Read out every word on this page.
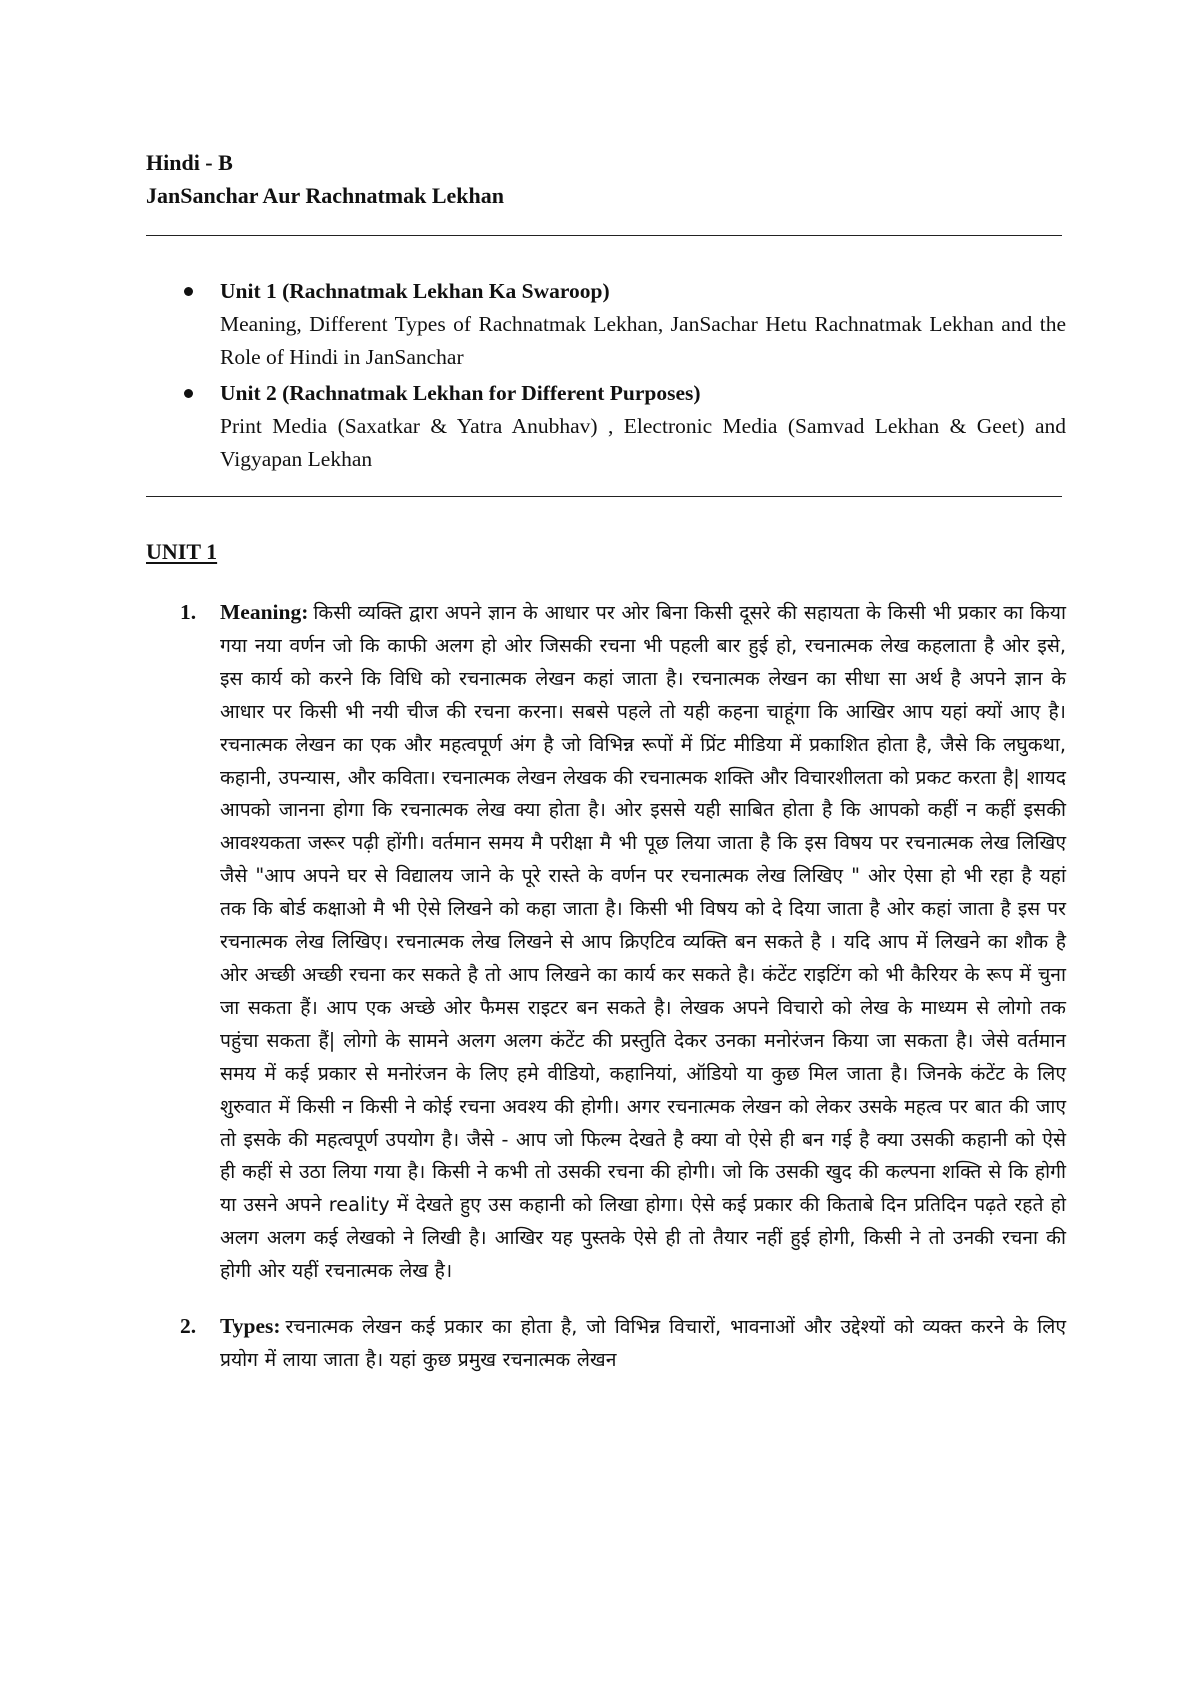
Hindi - B

JanSanchar Aur Rachnatmak Lekhan

Unit 1 (Rachnatmak Lekhan Ka Swaroop)
Meaning, Different Types of Rachnatmak Lekhan, JanSachar Hetu Rachnatmak Lekhan and the Role of Hindi in JanSanchar
Unit 2 (Rachnatmak Lekhan for Different Purposes)
Print Media (Saxatkar & Yatra Anubhav) , Electronic Media (Samvad Lekhan & Geet) and Vigyapan Lekhan
UNIT 1
1. Meaning: किसी व्यक्ति द्वारा अपने ज्ञान के आधार पर ओर बिना किसी दूसरे की सहायता के किसी भी प्रकार का किया गया नया वर्णन जो कि काफी अलग हो ओर जिसकी रचना भी पहली बार हुई हो, रचनात्मक लेख कहलाता है ओर इसे, इस कार्य को करने कि विधि को रचनात्मक लेखन कहां जाता है। रचनात्मक लेखन का सीधा सा अर्थ है अपने ज्ञान के आधार पर किसी भी नयी चीज की रचना करना। सबसे पहले तो यही कहना चाहूंगा कि आखिर आप यहां क्यों आए है। रचनात्मक लेखन का एक और महत्वपूर्ण अंग है जो विभिन्न रूपों में प्रिंट मीडिया में प्रकाशित होता है, जैसे कि लघुकथा, कहानी, उपन्यास, और कविता। रचनात्मक लेखन लेखक की रचनात्मक शक्ति और विचारशीलता को प्रकट करता है| शायद आपको जानना होगा कि रचनात्मक लेख क्या होता है। ओर इससे यही साबित होता है कि आपको कहीं न कहीं इसकी आवश्यकता जरूर पढ़ी होंगी। वर्तमान समय मै परीक्षा मै भी पूछ लिया जाता है कि इस विषय पर रचनात्मक लेख लिखिए जैसे "आप अपने घर से विद्यालय जाने के पूरे रास्ते के वर्णन पर रचनात्मक लेख लिखिए " ओर ऐसा हो भी रहा है यहां तक कि बोर्ड कक्षाओ मै भी ऐसे लिखने को कहा जाता है। किसी भी विषय को दे दिया जाता है ओर कहां जाता है इस पर रचनात्मक लेख लिखिए। रचनात्मक लेख लिखने से आप क्रिएटिव व्यक्ति बन सकते है । यदि आप में लिखने का शौक है ओर अच्छी अच्छी रचना कर सकते है तो आप लिखने का कार्य कर सकते है। कंटेंट राइटिंग को भी कैरियर के रूप में चुना जा सकता हैं। आप एक अच्छे ओर फैमस राइटर बन सकते है। लेखक अपने विचारो को लेख के माध्यम से लोगो तक पहुंचा सकता हैं| लोगो के सामने अलग अलग कंटेंट की प्रस्तुति देकर उनका मनोरंजन किया जा सकता है। जेसे वर्तमान समय में कई प्रकार से मनोरंजन के लिए हमे वीडियो, कहानियां, ऑडियो या कुछ मिल जाता है। जिनके कंटेंट के लिए शुरुवात में किसी न किसी ने कोई रचना अवश्य की होगी। अगर रचनात्मक लेखन को लेकर उसके महत्व पर बात की जाए तो इसके की महत्वपूर्ण उपयोग है। जैसे - आप जो फिल्म देखते है क्या वो ऐसे ही बन गई है क्या उसकी कहानी को ऐसे ही कहीं से उठा लिया गया है। किसी ने कभी तो उसकी रचना की होगी। जो कि उसकी खुद की कल्पना शक्ति से कि होगी या उसने अपने reality में देखते हुए उस कहानी को लिखा होगा। ऐसे कई प्रकार की किताबे दिन प्रतिदिन पढ़ते रहते हो अलग अलग कई लेखको ने लिखी है। आखिर यह पुस्तके ऐसे ही तो तैयार नहीं हुई होगी, किसी ने तो उनकी रचना की होगी ओर यहीं रचनात्मक लेख है।

2. Types: रचनात्मक लेखन कई प्रकार का होता है, जो विभिन्न विचारों, भावनाओं और उद्देश्यों को व्यक्त करने के लिए प्रयोग में लाया जाता है। यहां कुछ प्रमुख रचनात्मक लेखन
